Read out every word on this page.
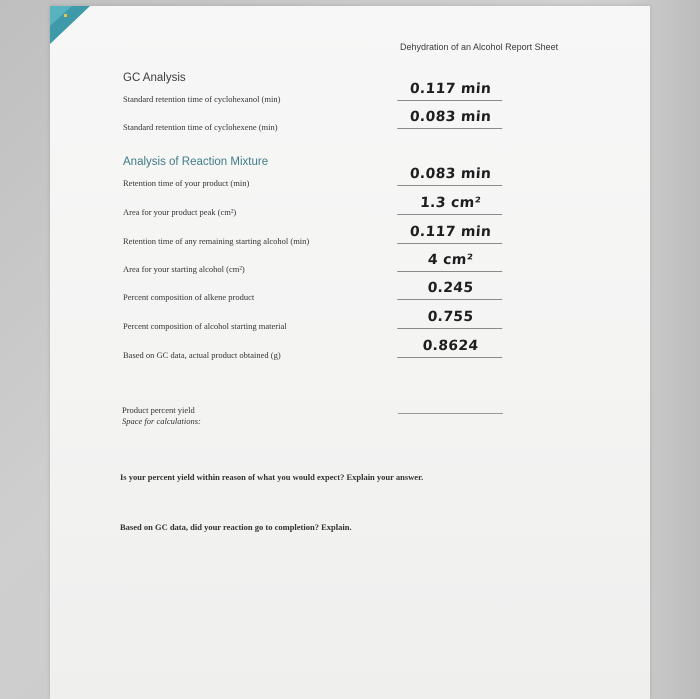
Dehydration of an Alcohol Report Sheet
GC Analysis
Standard retention time of cyclohexanol (min)
0.117 min
Standard retention time of cyclohexene (min)
0.083 min
Analysis of Reaction Mixture
Retention time of your product (min)
0.083 min
Area for your product peak (cm²)
1.3 cm²
Retention time of any remaining starting alcohol (min)
0.117 min
Area for your starting alcohol (cm²)
4 cm²
Percent composition of alkene product
0.245
Percent composition of alcohol starting material
0.755
Based on GC data, actual product obtained (g)
0.8624
Product percent yield
Space for calculations:
Is your percent yield within reason of what you would expect? Explain your answer.
Based on GC data, did your reaction go to completion? Explain.
